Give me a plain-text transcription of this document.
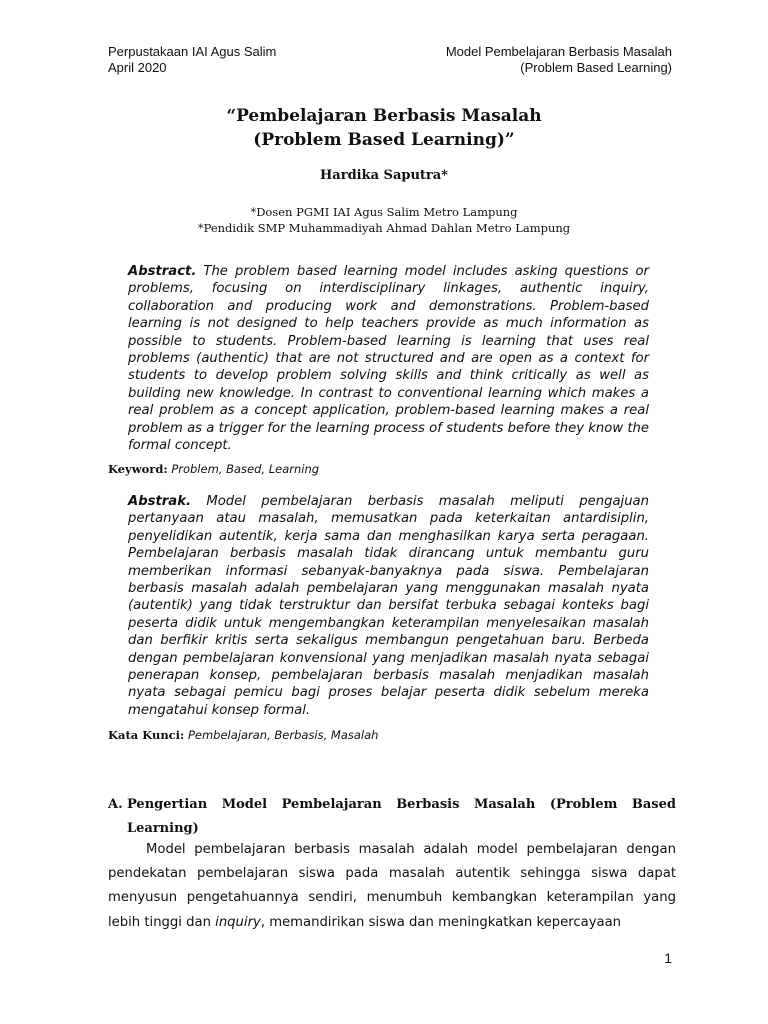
Perpustakaan IAI Agus Salim
April 2020
Model Pembelajaran Berbasis Masalah
(Problem Based Learning)
“Pembelajaran Berbasis Masalah
(Problem Based Learning)”
Hardika Saputra*
*Dosen PGMI IAI Agus Salim Metro Lampung
*Pendidik SMP Muhammadiyah Ahmad Dahlan Metro Lampung
Abstract. The problem based learning model includes asking questions or problems, focusing on interdisciplinary linkages, authentic inquiry, collaboration and producing work and demonstrations. Problem-based learning is not designed to help teachers provide as much information as possible to students. Problem-based learning is learning that uses real problems (authentic) that are not structured and are open as a context for students to develop problem solving skills and think critically as well as building new knowledge. In contrast to conventional learning which makes a real problem as a concept application, problem-based learning makes a real problem as a trigger for the learning process of students before they know the formal concept.
Keyword: Problem, Based, Learning
Abstrak. Model pembelajaran berbasis masalah meliputi pengajuan pertanyaan atau masalah, memusatkan pada keterkaitan antardisiplin, penyelidikan autentik, kerja sama dan menghasilkan karya serta peragaan. Pembelajaran berbasis masalah tidak dirancang untuk membantu guru memberikan informasi sebanyak-banyaknya pada siswa. Pembelajaran berbasis masalah adalah pembelajaran yang menggunakan masalah nyata (autentik) yang tidak terstruktur dan bersifat terbuka sebagai konteks bagi peserta didik untuk mengembangkan keterampilan menyelesaikan masalah dan berfikir kritis serta sekaligus membangun pengetahuan baru. Berbeda dengan pembelajaran konvensional yang menjadikan masalah nyata sebagai penerapan konsep, pembelajaran berbasis masalah menjadikan masalah nyata sebagai pemicu bagi proses belajar peserta didik sebelum mereka mengatahui konsep formal.
Kata Kunci: Pembelajaran, Berbasis, Masalah
A. Pengertian Model Pembelajaran Berbasis Masalah (Problem Based Learning)
Model pembelajaran berbasis masalah adalah model pembelajaran dengan pendekatan pembelajaran siswa pada masalah autentik sehingga siswa dapat menyusun pengetahuannya sendiri, menumbuh kembangkan keterampilan yang lebih tinggi dan inquiry, memandirikan siswa dan meningkatkan kepercayaan
1
